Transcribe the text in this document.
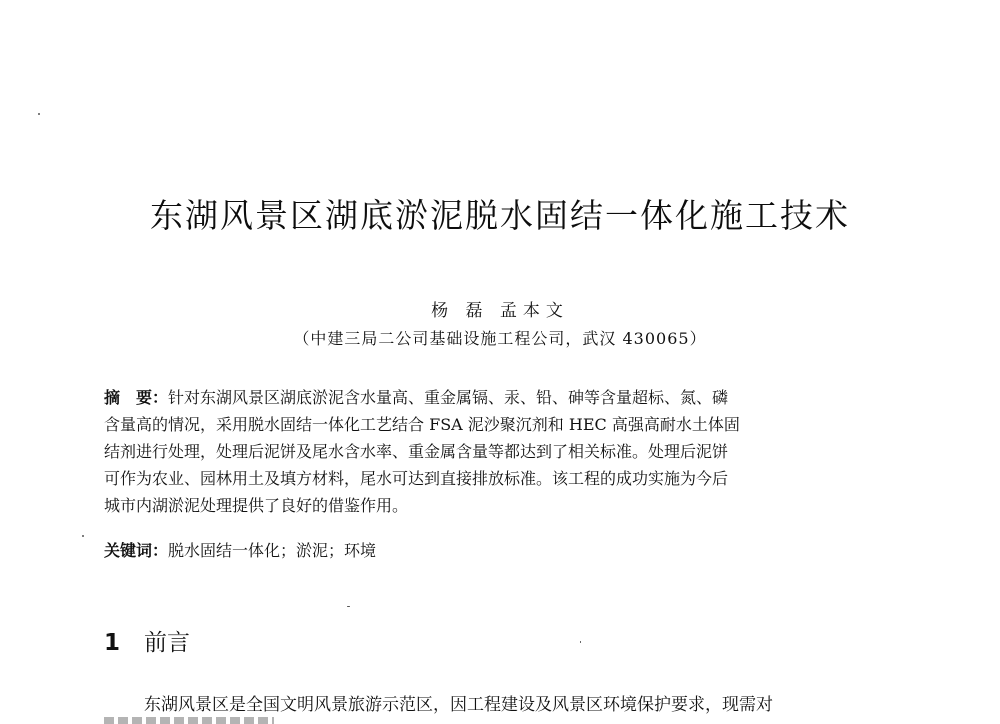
东湖风景区湖底淤泥脱水固结一体化施工技术
杨 磊 孟本文
（中建三局二公司基础设施工程公司，武汉 430065）
摘　要：针对东湖风景区湖底淤泥含水量高、重金属镉、汞、铅、砷等含量超标、氮、磷
含量高的情况，采用脱水固结一体化工艺结合 FSA 泥沙聚沉剂和 HEC 高强高耐水土体固
结剂进行处理，处理后泥饼及尾水含水率、重金属含量等都达到了相关标准。处理后泥饼
可作为农业、园林用土及填方材料，尾水可达到直接排放标准。该工程的成功实施为今后
城市内湖淤泥处理提供了良好的借鉴作用。
关键词：脱水固结一体化；淤泥；环境
1 前言
东湖风景区是全国文明风景旅游示范区，因工程建设及风景区环境保护要求，现需对
